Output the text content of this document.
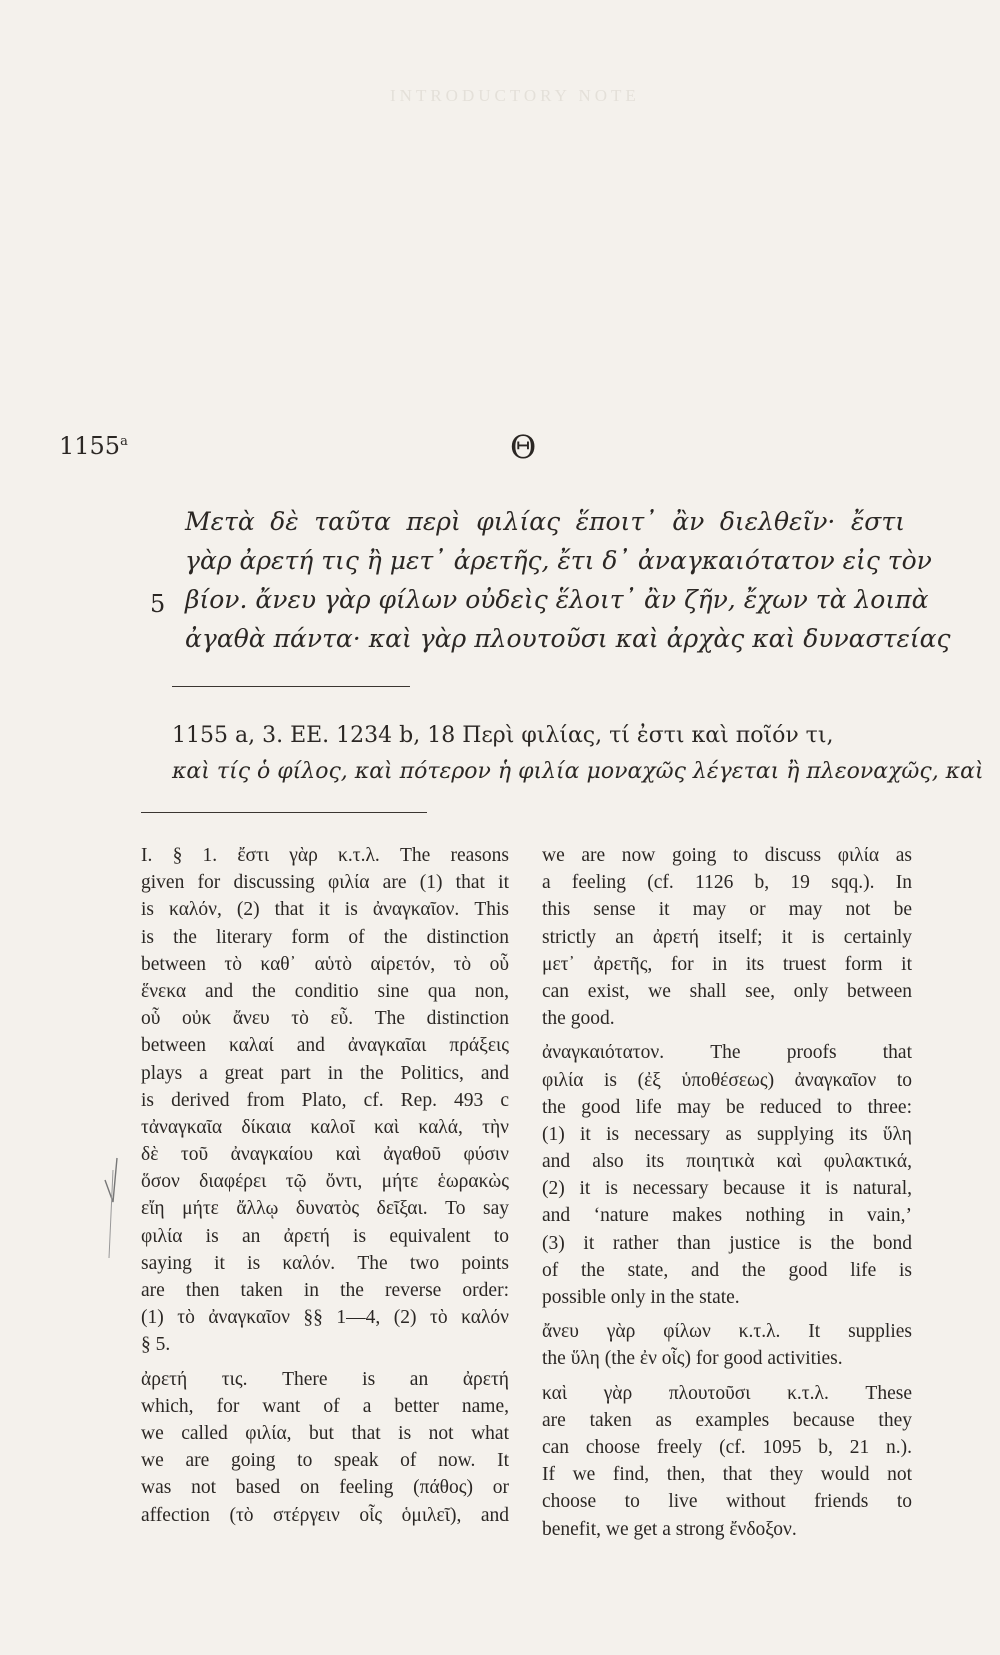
INTRODUCTORY NOTE
1155$^a$	Θ
Μετὰ δὲ ταῦτα περὶ φιλίας ἕποιτ᾽ ἂν διελθεῖν· ἔστι
γὰρ ἀρετή τις ἢ μετ᾽ ἀρετῆς, ἔτι δ᾽ ἀναγκαιότατον εἰς τὸν
βίον. ἄνευ γὰρ φίλων οὐδεὶς ἕλοιτ᾽ ἂν ζῆν, ἔχων τὰ λοιπὰ
ἀγαθὰ πάντα· καὶ γὰρ πλουτοῦσι καὶ ἀρχὰς καὶ δυναστείας
5
1155 a, 3. EE. 1234 b, 18 Περὶ φιλίας, τί ἐστι καὶ ποῖόν τι,
καὶ τίς ὁ φίλος, καὶ πότερον ἡ φιλία μοναχῶς λέγεται ἢ πλεοναχῶς, καὶ
I. § 1. ἔστι γὰρ κ.τ.λ. The reasons
given for discussing φιλία are (1) that it
is καλόν, (2) that it is ἀναγκαῖον. This
is the literary form of the distinction
between τὸ καθ᾽ αὑτὸ αἱρετόν, τὸ οὗ
ἕνεκα and the conditio sine qua non,
οὗ οὐκ ἄνευ τὸ εὖ. The distinction
between καλαί and ἀναγκαῖαι πράξεις
plays a great part in the Politics, and
is derived from Plato, cf. Rep. 493 c
τἀναγκαῖα δίκαια καλοῖ καὶ καλά, τὴν
δὲ τοῦ ἀναγκαίου καὶ ἀγαθοῦ φύσιν
ὅσον διαφέρει τῷ ὄντι, μήτε ἑωρακὼς
εἴη μήτε ἄλλῳ δυνατὸς δεῖξαι. To say
φιλία is an ἀρετή is equivalent to
saying it is καλόν. The two points
are then taken in the reverse order:
(1) τὸ ἀναγκαῖον §§ 1—4, (2) τὸ καλόν
§ 5.
ἀρετή τις. There is an ἀρετή
which, for want of a better name,
we called φιλία, but that is not what
we are going to speak of now. It
was not based on feeling (πάθος) or
affection (τὸ στέργειν οἷς ὁμιλεῖ), and
we are now going to discuss φιλία as
a feeling (cf. 1126 b, 19 sqq.). In
this sense it may or may not be
strictly an ἀρετή itself; it is certainly
μετ᾽ ἀρετῆς, for in its truest form it
can exist, we shall see, only between
the good.
ἀναγκαιότατον. The proofs that
φιλία is (ἐξ ὑποθέσεως) ἀναγκαῖον to
the good life may be reduced to three:
(1) it is necessary as supplying its ὕλη
and also its ποιητικὰ καὶ φυλακτικά,
(2) it is necessary because it is natural,
and ‘nature makes nothing in vain,’
(3) it rather than justice is the bond
of the state, and the good life is
possible only in the state.
ἄνευ γὰρ φίλων κ.τ.λ. It supplies
the ὕλη (the ἐν οἷς) for good activities.
καὶ γὰρ πλουτοῦσι κ.τ.λ. These
are taken as examples because they
can choose freely (cf. 1095 b, 21 n.).
If we find, then, that they would not
choose to live without friends to
benefit, we get a strong ἔνδοξον.
